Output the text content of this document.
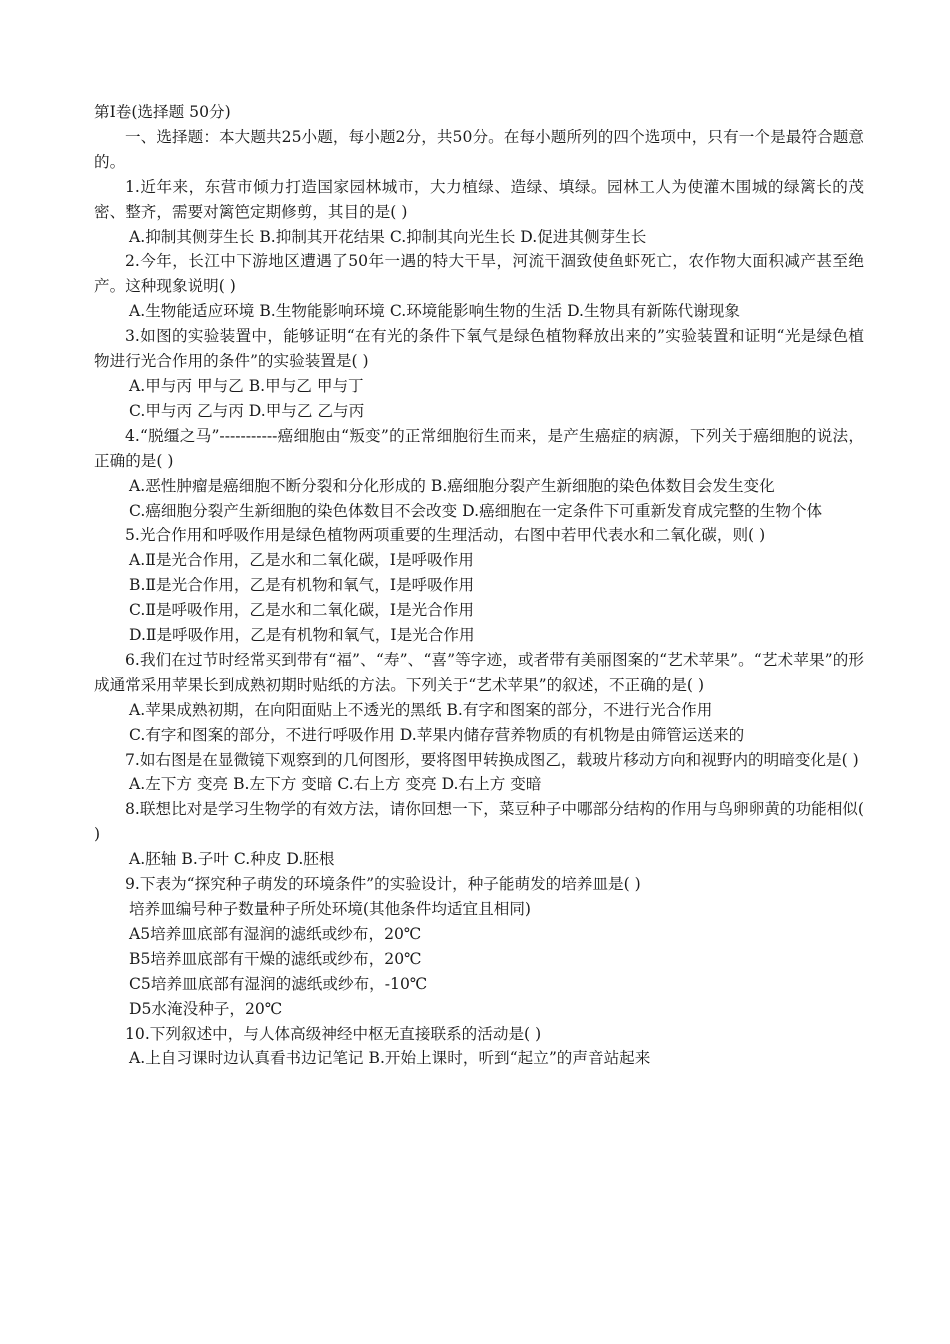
第Ⅰ卷(选择题 50分)

一、选择题：本大题共25小题，每小题2分，共50分。在每小题所列的四个选项中，只有一个是最符合题意的。

1.近年来，东营市倾力打造国家园林城市，大力植绿、造绿、填绿。园林工人为使灌木围城的绿篱长的茂密、整齐，需要对篱笆定期修剪，其目的是( )

A.抑制其侧芽生长 B.抑制其开花结果 C.抑制其向光生长 D.促进其侧芽生长

2.今年，长江中下游地区遭遇了50年一遇的特大干旱，河流干涸致使鱼虾死亡，农作物大面积减产甚至绝产。这种现象说明( )

A.生物能适应环境 B.生物能影响环境 C.环境能影响生物的生活 D.生物具有新陈代谢现象

3.如图的实验装置中，能够证明“在有光的条件下氧气是绿色植物释放出来的”实验装置和证明“光是绿色植物进行光合作用的条件”的实验装置是( )

A.甲与丙 甲与乙 B.甲与乙 甲与丁

C.甲与丙 乙与丙 D.甲与乙 乙与丙

4.“脱缰之马”-----------癌细胞由“叛变”的正常细胞衍生而来，是产生癌症的病源，下列关于癌细胞的说法，正确的是( )

A.恶性肿瘤是癌细胞不断分裂和分化形成的 B.癌细胞分裂产生新细胞的染色体数目会发生变化

C.癌细胞分裂产生新细胞的染色体数目不会改变 D.癌细胞在一定条件下可重新发育成完整的生物个体

5.光合作用和呼吸作用是绿色植物两项重要的生理活动，右图中若甲代表水和二氧化碳，则( )

A.Ⅱ是光合作用，乙是水和二氧化碳，Ⅰ是呼吸作用

B.Ⅱ是光合作用，乙是有机物和氧气，Ⅰ是呼吸作用

C.Ⅱ是呼吸作用，乙是水和二氧化碳，Ⅰ是光合作用

D.Ⅱ是呼吸作用，乙是有机物和氧气，Ⅰ是光合作用

6.我们在过节时经常买到带有“福”、“寿”、“喜”等字迹，或者带有美丽图案的“艺术苹果”。“艺术苹果”的形成通常采用苹果长到成熟初期时贴纸的方法。下列关于“艺术苹果”的叙述，不正确的是( )

A.苹果成熟初期，在向阳面贴上不透光的黑纸 B.有字和图案的部分，不进行光合作用

C.有字和图案的部分，不进行呼吸作用 D.苹果内储存营养物质的有机物是由筛管运送来的

7.如右图是在显微镜下观察到的几何图形，要将图甲转换成图乙，载玻片移动方向和视野内的明暗变化是( )

A.左下方 变亮 B.左下方 变暗 C.右上方 变亮 D.右上方 变暗

8.联想比对是学习生物学的有效方法，请你回想一下，菜豆种子中哪部分结构的作用与鸟卵卵黄的功能相似( )

A.胚轴 B.子叶 C.种皮 D.胚根

9.下表为“探究种子萌发的环境条件”的实验设计，种子能萌发的培养皿是( )

培养皿编号种子数量种子所处环境(其他条件均适宜且相同)

A5培养皿底部有湿润的滤纸或纱布，20℃

B5培养皿底部有干燥的滤纸或纱布，20℃

C5培养皿底部有湿润的滤纸或纱布，-10℃

D5水淹没种子，20℃

10.下列叙述中，与人体高级神经中枢无直接联系的活动是( )

A.上自习课时边认真看书边记笔记 B.开始上课时，听到“起立”的声音站起来
